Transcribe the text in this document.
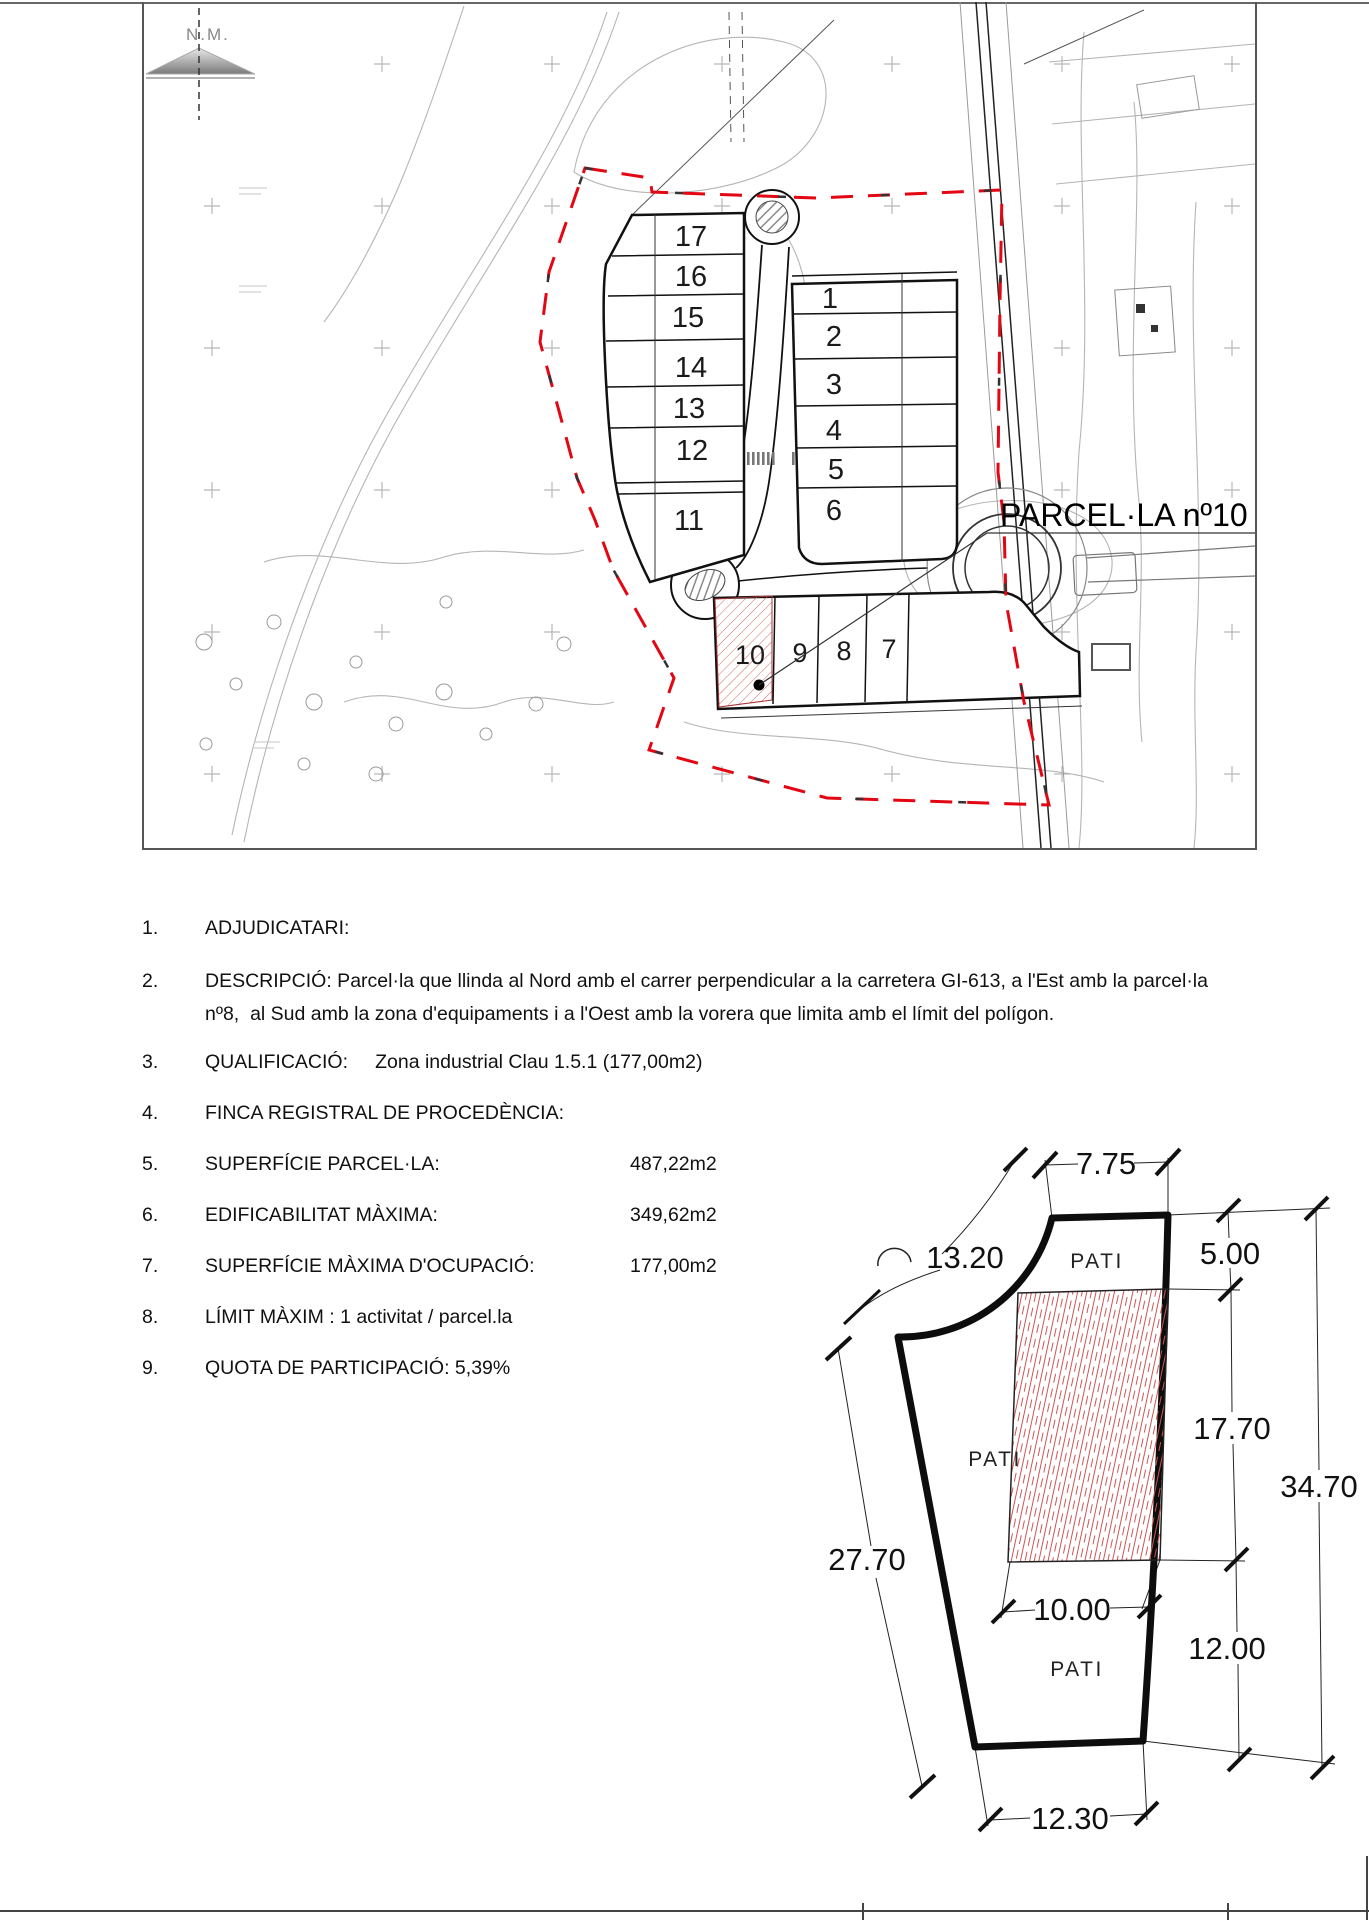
17
16
15
14
13
12
11
1
2
3
4
5
6
10 9 8 7
PARCEL·LA nº10
N.M.
1. ADJUDICATARI:
2. DESCRIPCIÓ: Parcel·la que llinda al Nord amb el carrer perpendicular a la carretera GI-613, a l'Est amb la parcel·la nº8,  al Sud amb la zona d'equipaments i a l'Oest amb la vorera que limita amb el límit del polígon.
3. QUALIFICACIÓ:     Zona industrial Clau 1.5.1 (177,00m2)
4. FINCA REGISTRAL DE PROCEDÈNCIA:
5. SUPERFÍCIE PARCEL·LA:	487,22m2
6. EDIFICABILITAT MÀXIMA:	349,62m2
7. SUPERFÍCIE MÀXIMA D'OCUPACIÓ:	177,00m2
8. LÍMIT MÀXIM : 1 activitat / parcel.la
9. QUOTA DE PARTICIPACIÓ: 5,39%
PATI
PATI
PATI
7.75
5.00
13.20
17.70
34.70
27.70
10.00
12.00
12.30
